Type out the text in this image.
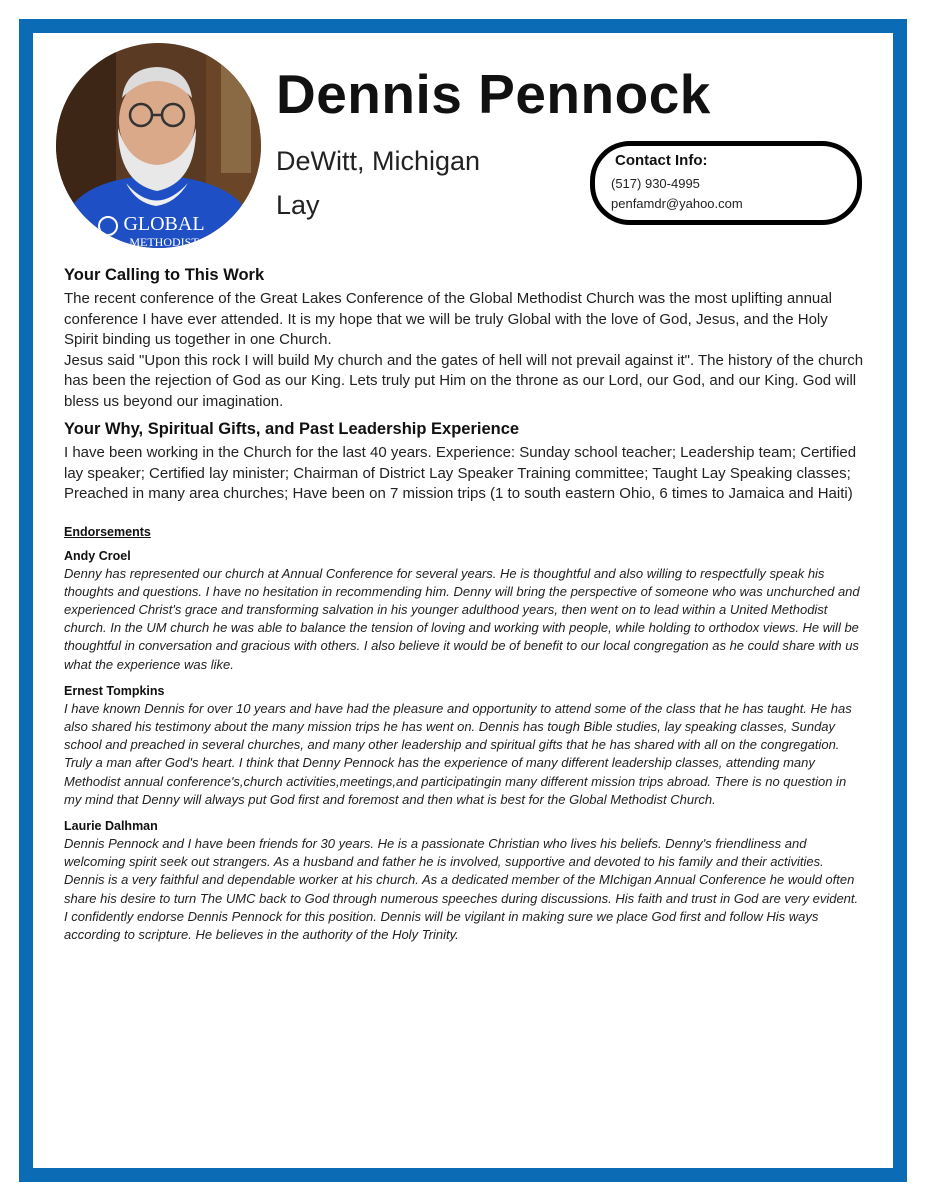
GLOBAL
METHODIST
Dennis Pennock
DeWitt, Michigan
Lay
Contact Info:
(517) 930-4995
penfamdr@yahoo.com
Your Calling to This Work

The recent conference of the Great Lakes Conference of the Global Methodist Church was the most uplifting annual conference I have ever attended. It is my hope that we will be truly Global with the love of God, Jesus, and the Holy Spirit binding us together in one Church.

Jesus said "Upon this rock I will build My church and the gates of hell will not prevail against it". The history of the church has been the rejection of God as our King. Lets truly put Him on the throne as our Lord, our God, and our King. God will bless us beyond our imagination.

Your Why, Spiritual Gifts, and Past Leadership Experience
I have been working in the Church for the last 40 years. Experience: Sunday school teacher; Leadership team; Certified lay speaker; Certified lay minister; Chairman of District Lay Speaker Training committee; Taught Lay Speaking classes; Preached in many area churches; Have been on 7 mission trips (1 to south eastern Ohio, 6 times to Jamaica and Haiti)
Endorsements
Andy Croel
Denny has represented our church at Annual Conference for several years. He is thoughtful and also willing to respectfully speak his thoughts and questions. I have no hesitation in recommending him. Denny will bring the perspective of someone who was unchurched and experienced Christ's grace and transforming salvation in his younger adulthood years, then went on to lead within a United Methodist church. In the UM church he was able to balance the tension of loving and working with people, while holding to orthodox views. He will be thoughtful in conversation and gracious with others. I also believe it would be of benefit to our local congregation as he could share with us what the experience was like.
Ernest Tompkins
I have known Dennis for over 10 years and have had the pleasure and opportunity to attend some of the class that he has taught. He has also shared his testimony about the many mission trips he has went on. Dennis has tough Bible studies, lay speaking classes, Sunday school and preached in several churches, and many other leadership and spiritual gifts that he has shared with all on the congregation. Truly a man after God's heart. I think that Denny Pennock has the experience of many different leadership classes, attending many Methodist annual conference's,church activities,meetings,and participatingin many different mission trips abroad. There is no question in my mind that Denny will always put God first and foremost and then what is best for the Global Methodist Church.
Laurie Dalhman
Dennis Pennock and I have been friends for 30 years. He is a passionate Christian who lives his beliefs. Denny's friendliness and welcoming spirit seek out strangers. As a husband and father he is involved, supportive and devoted to his family and their activities. Dennis is a very faithful and dependable worker at his church. As a dedicated member of the MIchigan Annual Conference he would often share his desire to turn The UMC back to God through numerous speeches during discussions. His faith and trust in God are very evident. I confidently endorse Dennis Pennock for this position. Dennis will be vigilant in making sure we place God first and follow His ways according to scripture. He believes in the authority of the Holy Trinity.
